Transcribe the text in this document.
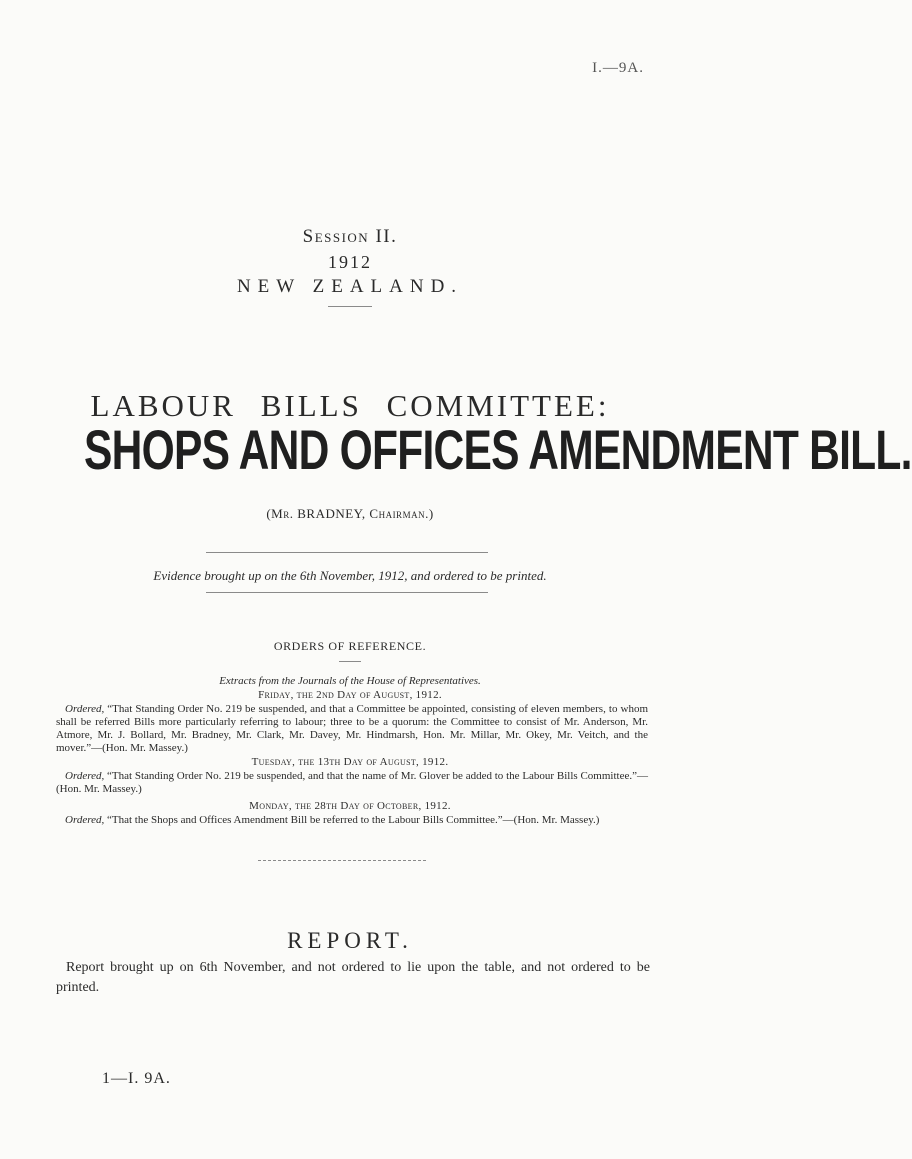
I.—9A.
Session II.
1912
NEW ZEALAND.
LABOUR BILLS COMMITTEE:
SHOPS AND OFFICES AMENDMENT BILL.
(Mr. BRADNEY, Chairman.)
Evidence brought up on the 6th November, 1912, and ordered to be printed.
ORDERS OF REFERENCE.
Extracts from the Journals of the House of Representatives.
Friday, the 2nd Day of August, 1912.
Ordered, “That Standing Order No. 219 be suspended, and that a Committee be appointed, consisting of eleven members, to whom shall be referred Bills more particularly referring to labour; three to be a quorum: the Committee to consist of Mr. Anderson, Mr. Atmore, Mr. J. Bollard, Mr. Bradney, Mr. Clark, Mr. Davey, Mr. Hindmarsh, Hon. Mr. Millar, Mr. Okey, Mr. Veitch, and the mover.”—(Hon. Mr. Massey.)
Tuesday, the 13th Day of August, 1912.
Ordered, “That Standing Order No. 219 be suspended, and that the name of Mr. Glover be added to the Labour Bills Committee.”—(Hon. Mr. Massey.)
Monday, the 28th Day of October, 1912.
Ordered, “That the Shops and Offices Amendment Bill be referred to the Labour Bills Committee.”—(Hon. Mr. Massey.)
REPORT.
Report brought up on 6th November, and not ordered to lie upon the table, and not ordered to be printed.
1—I. 9A.
